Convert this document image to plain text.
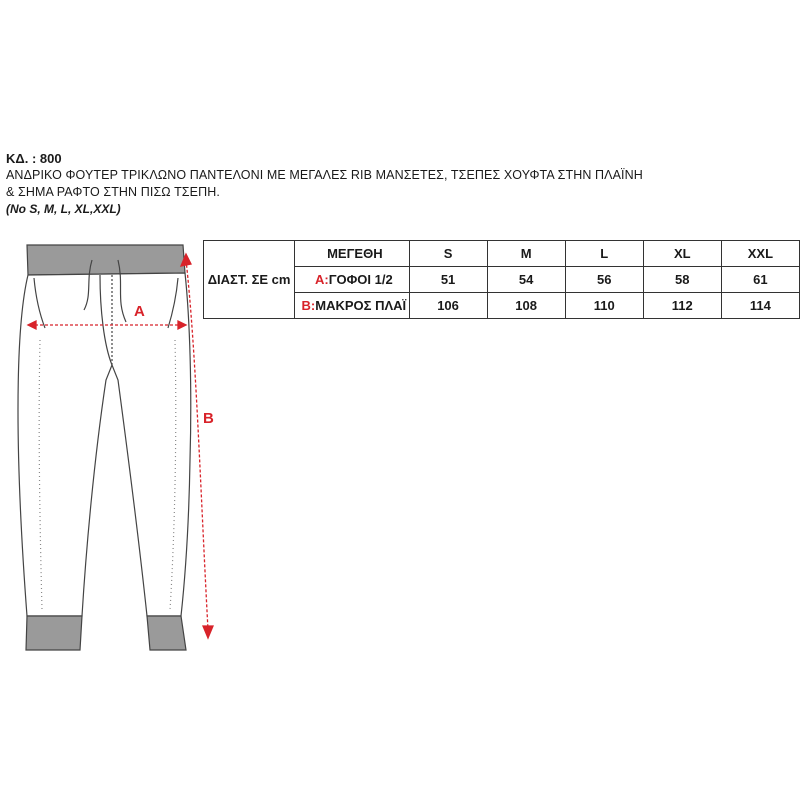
ΚΔ. : 800
ΑΝΔΡΙΚΟ ΦΟΥΤΕΡ ΤΡΙΚΛΩΝΟ ΠΑΝΤΕΛΟΝΙ ΜΕ ΜΕΓΑΛΕΣ RIB ΜΑΝΣΕΤΕΣ, ΤΣΕΠΕΣ ΧΟΥΦΤΑ ΣΤΗΝ ΠΛΑΪΝΗ
& ΣΗΜΑ ΡΑΦΤΟ ΣΤΗΝ ΠΙΣΩ ΤΣΕΠΗ.
(No S, M, L, XL,XXL)
A
B
ΔΙΑΣΤ. ΣΕ cm	ΜΕΓΕΘΗ	S	M	L	XL	XXL
	A:ΓΟΦΟΙ 1/2	51	54	56	58	61
	B:ΜΑΚΡΟΣ ΠΛΑΪ	106	108	110	112	114
